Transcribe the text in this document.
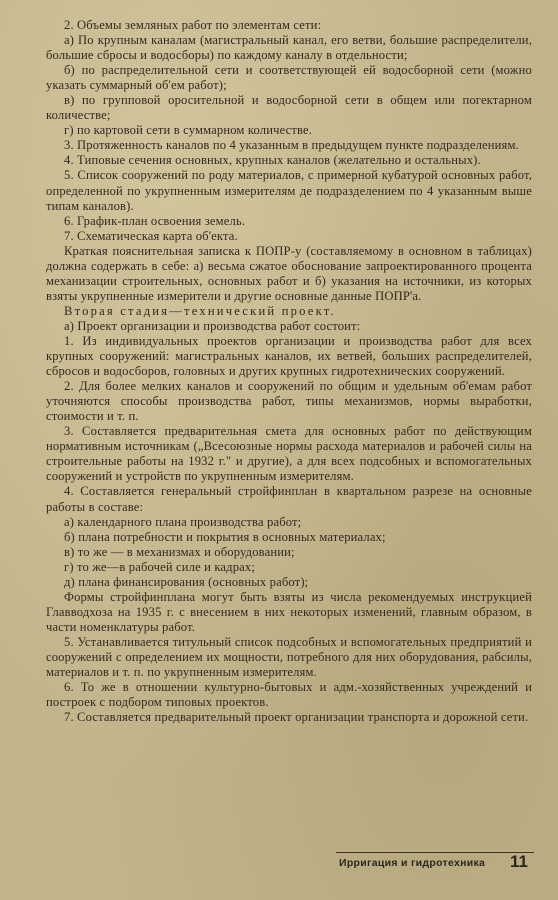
2. Объемы земляных работ по элементам сети:

а) По крупным каналам (магистральный канал, его ветви, большие распределители, большие сбросы и водосборы) по каждому каналу в отдельности;

б) по распределительной сети и соответствующей ей водосборной сети (можно указать суммарный об'ем работ);

в) по групповой оросительной и водосборной сети в общем или погектарном количестве;

г) по картовой сети в суммарном количестве.

3. Протяженность каналов по 4 указанным в предыдущем пункте подразделениям.

4. Типовые сечения основных, крупных каналов (желательно и остальных).

5. Список сооружений по роду материалов, с примерной кубатурой основных работ, определенной по укрупненным измерителям де подразделением по 4 указанным выше типам каналов).

6. График-план освоения земель.

7. Схематическая карта об'екта.

Краткая пояснительная записка к ПОПР-у (составляемому в основном в таблицах) должна содержать в себе: а) весьма сжатое обоснование запроектированного процента механизации строительных, основных работ и б) указания на источники, из которых взяты укрупненные измерители и другие основные данные ПОПР'а.

Вторая стадия—технический проект.

а) Проект организации и производства работ состоит:

1. Из индивидуальных проектов организации и производства работ для всех крупных сооружений: магистральных каналов, их ветвей, больших распределителей, сбросов и водосборов, головных и других крупных гидротехнических сооружений.

2. Для более мелких каналов и сооружений по общим и удельным об'емам работ уточняются способы производства работ, типы механизмов, нормы выработки, стоимости и т. п.

3. Составляется предварительная смета для основных работ по действующим нормативным источникам („Всесоюзные нормы расхода материалов и рабочей силы на строительные работы на 1932 г." и другие), а для всех подсобных и вспомогательных сооружений и устройств по укрупненным измерителям.

4. Составляется генеральный стройфинплан в квартальном разрезе на основные работы в составе:

а) календарного плана производства работ;

б) плана потребности и покрытия в основных материалах;

в) то же — в механизмах и оборудовании;

г) то же—в рабочей силе и кадрах;

д) плана финансирования (основных работ);

Формы стройфинплана могут быть взяты из числа рекомендуемых инструкцией Главводхоза на 1935 г. с внесением в них некоторых изменений, главным образом, в части номенклатуры работ.

5. Устанавливается титульный список подсобных и вспомогательных предприятий и сооружений с определением их мощности, потребного для них оборудования, рабсилы, материалов и т. п. по укрупненным измерителям.

6. То же в отношении культурно-бытовых и адм.-хозяйственных учреждений и построек с подбором типовых проектов.

7. Составляется предварительный проект организации транспорта и дорожной сети.

Ирригация и гидротехника 11
